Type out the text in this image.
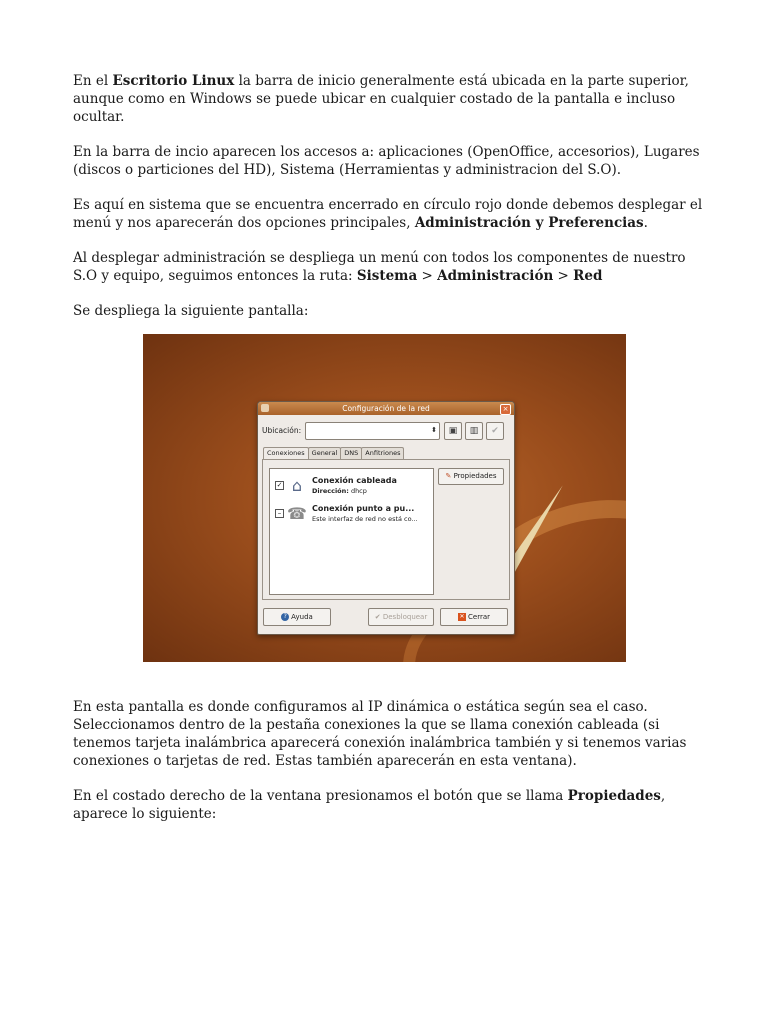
En el Escritorio Linux la barra de inicio generalmente está ubicada en la parte superior, aunque como en Windows se puede ubicar en cualquier costado de la pantalla e incluso ocultar.

En la barra de incio aparecen los accesos a: aplicaciones (OpenOffice, accesorios), Lugares (discos o particiones del HD), Sistema (Herramientas y administracion del S.O).

Es aquí en sistema que se encuentra encerrado en círculo rojo donde debemos desplegar el menú y nos aparecerán dos opciones principales, Administración y Preferencias.

Al desplegar administración se despliega un menú con todos los componentes de nuestro S.O y equipo, seguimos entonces la ruta: Sistema > Administración > Red

Se despliega la siguiente pantalla:

Configuración de la red	×
Ubicación:	⬍	▣	▥	✔
Conexiones General DNS Anfitriones
✓ ⌂	Conexión cableada
Dirección: dhcp
– ☎ Conexión punto a pu...
Este interfaz de red no está co...
✎ Propiedades
? Ayuda	✔ Desbloquear	✕ Cerrar

En esta pantalla es donde configuramos al IP dinámica o estática según sea el caso. Seleccionamos dentro de la pestaña conexiones la que se llama conexión cableada (si tenemos tarjeta inalámbrica aparecerá conexión inalámbrica también y si tenemos varias conexiones o tarjetas de red. Estas también aparecerán en esta ventana).

En el costado derecho de la ventana presionamos el botón que se llama Propiedades, aparece lo siguiente:
